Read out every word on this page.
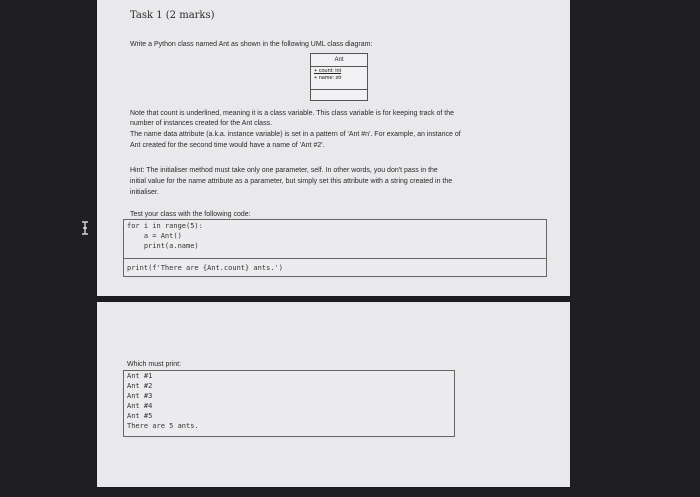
Task 1 (2 marks)
Write a Python class named Ant as shown in the following UML class diagram:
Ant
+ count: int
+ name: str
Note that count is underlined, meaning it is a class variable. This class variable is for keeping track of the
number of instances created for the Ant class.
The name data attribute (a.k.a. instance variable) is set in a pattern of 'Ant #n'. For example, an instance of
Ant created for the second time would have a name of 'Ant #2'.
Hint: The initialiser method must take only one parameter, self. In other words, you don't pass in the
initial value for the name attribute as a parameter, but simply set this attribute with a string created in the
initialiser.
Test your class with the following code:
for i in range(5):
a = Ant()
print(a.name)
print(f'There are {Ant.count} ants.')
Which must print:
Ant #1
Ant #2
Ant #3
Ant #4
Ant #5
There are 5 ants.
